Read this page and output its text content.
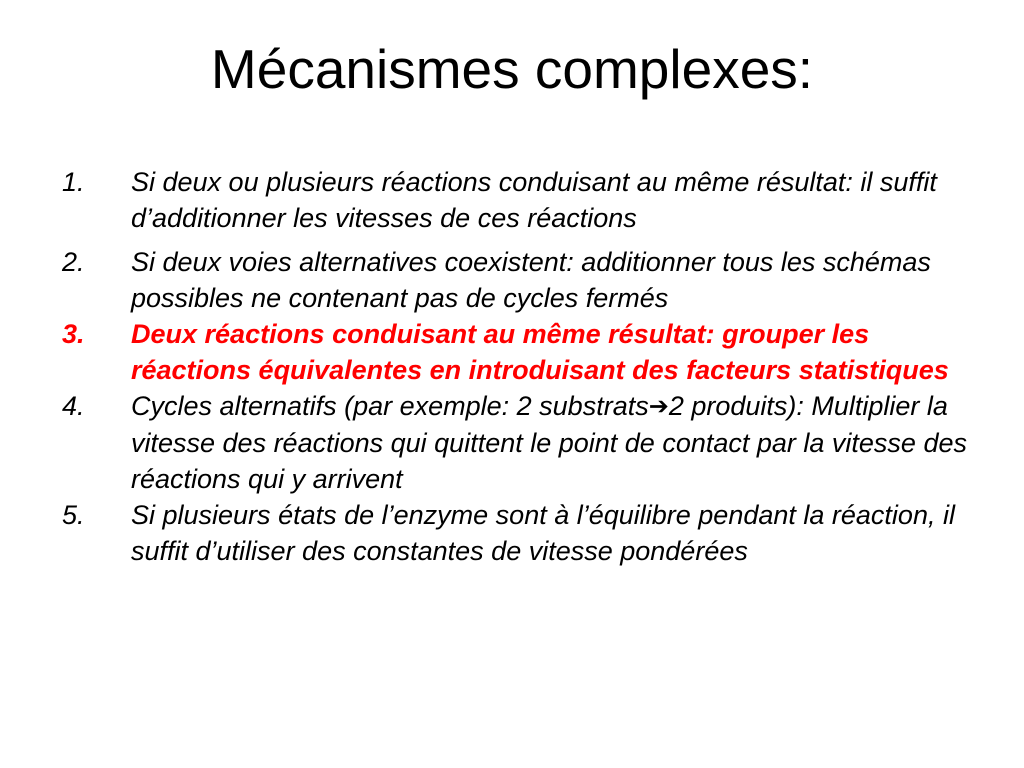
Mécanismes complexes:
1. Si deux ou plusieurs réactions conduisant au même résultat: il suffit d’additionner les vitesses de ces réactions
2. Si deux voies alternatives coexistent: additionner tous les schémas possibles ne contenant pas de cycles fermés
3. Deux réactions conduisant au même résultat: grouper les réactions équivalentes en introduisant des facteurs statistiques
4. Cycles alternatifs (par exemple: 2 substrats➔2 produits): Multiplier la vitesse des réactions qui quittent le point de contact par la vitesse des réactions qui y arrivent
5. Si plusieurs états de l’enzyme sont à l’équilibre pendant la réaction, il suffit d’utiliser des constantes de vitesse pondérées
